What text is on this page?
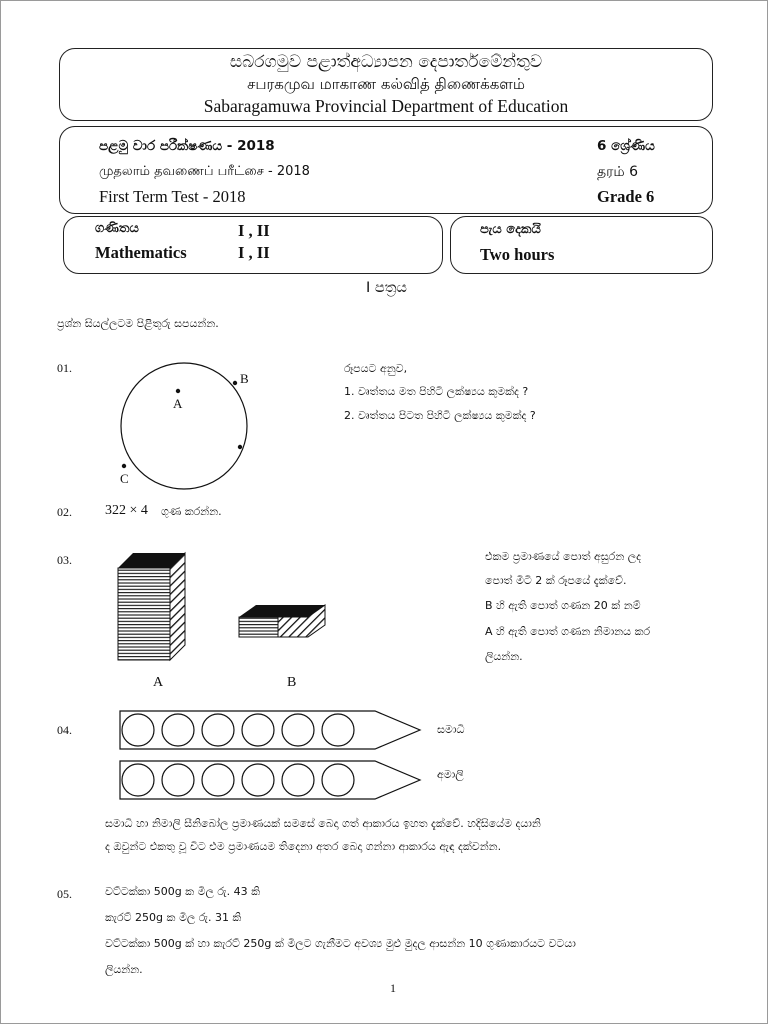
සබරගමුව පළාත්අධ්‍යාපන දෙපාර්තමේන්තුව
சபரகமுவ மாகாண கல்வித் திணைக்களம்
Sabaragamuwa Provincial Department of Education
පළමු වාර පරීක්ෂණය - 2018
முதலாம் தவணைப் பரீட்சை - 2018
First Term Test - 2018
6 ශ්‍රේණිය
தரம் 6
Grade 6
ගණිතය
Mathematics
I , II
I , II
පැය දෙකයි
Two hours
I පත්‍රය
ප්‍රශ්න සියල්ලටම පිළිතුරු සපයන්න.
01.
A
B
C
රූපයට අනුව,
1. වෘත්තය මත පිහිටි ලක්ෂ්‍යය කුමක්ද ?
2. වෘත්තය පිටත පිහිටි ලක්ෂ්‍යය කුමක්ද ?
02. 322 × 4 ගුණ කරන්න.
03.
A	B
එකම ප්‍රමාණයේ පොත් අසුරන ලද
පොත් මිටි 2 ක් රූපයේ දැක්වේ.
B හි ඇති පොත් ගණන 20 ක් නම්
A හි ඇති පොත් ගණන නිමානය කර
ලියන්න.
04.	සමාධි
අමාලි
සමාධි හා නිමාලි සීනිබෝල ප්‍රමාණයක් සමසේ බෙදා ගත් ආකාරය ඉහත දැක්වේ. හදිසියේම දයානි
ද ඔවුන්ට එකතු වූ විට එම ප්‍රමාණයම තිදෙනා අතර බෙදා ගන්නා ආකාරය ඇඳ දක්වන්න.
05.	වට්ටක්කා 500g ක මිල රු. 43 කි
කැරට් 250g ක මිල රු. 31 කි
වට්ටක්කා 500g ක් හා කැරට් 250g ක් මිලට ගැනීමට අවශ්‍ය මුළු මුදල ආසන්න 10 ගුණාකාරයට වටයා
ලියන්න.
1
